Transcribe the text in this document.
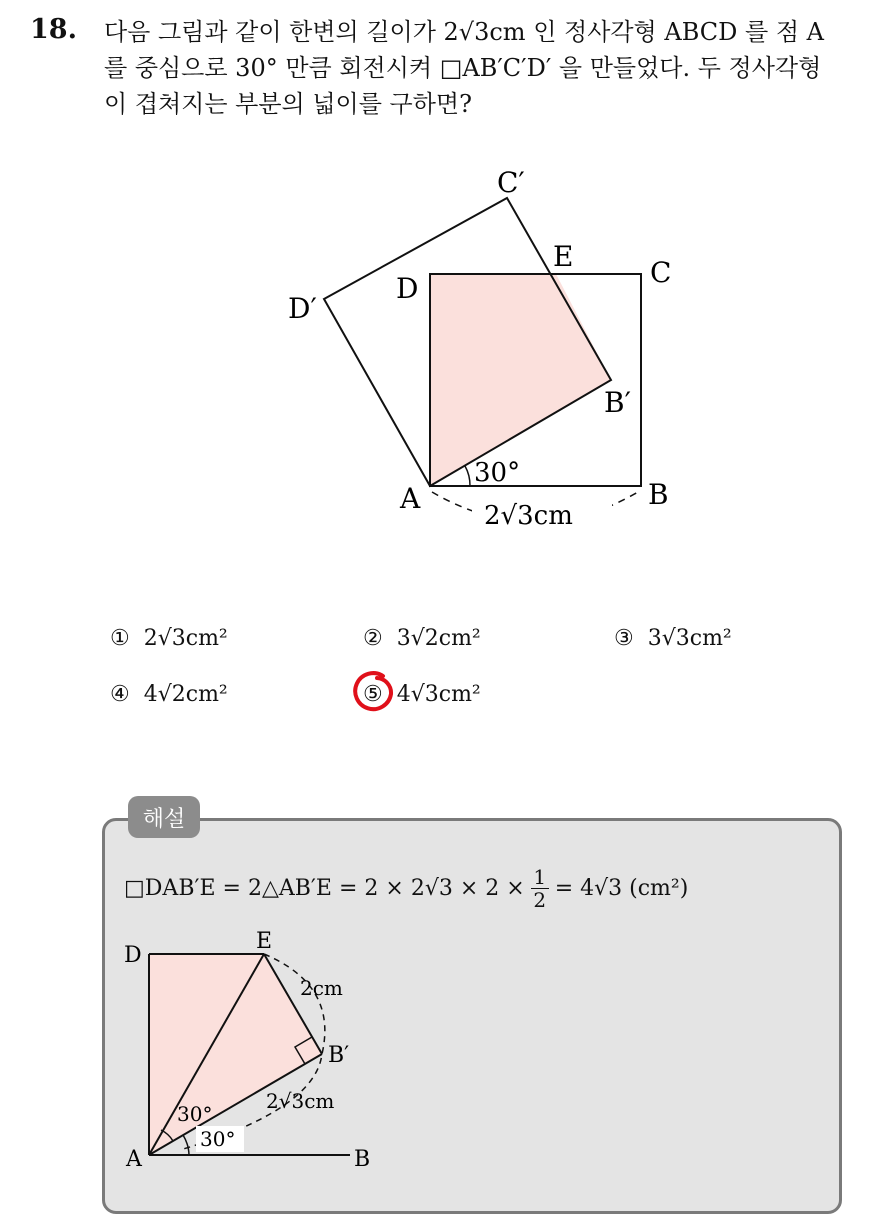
18. 다음 그림과 같이 한변의 길이가 2√3cm 인 정사각형 ABCD 를 점 A
를 중심으로 30° 만큼 회전시켜 □AB′C′D′ 을 만들었다. 두 정사각형
이 겹쳐지는 부분의 넓이를 구하면?
C′
E	C
D
D′
B′
A	B
30°
2√3cm
① 2√3cm²	② 3√2cm²	③ 3√3cm²
④ 4√2cm²	⑤ 4√3cm²
해설
□DAB′E = 2△AB′E = $2 \times 2√3 \times 2 \times \frac{1}{2} = 4√3$ (cm²)
D
E
B′
A	B
2cm
2√3cm
30°
30°
